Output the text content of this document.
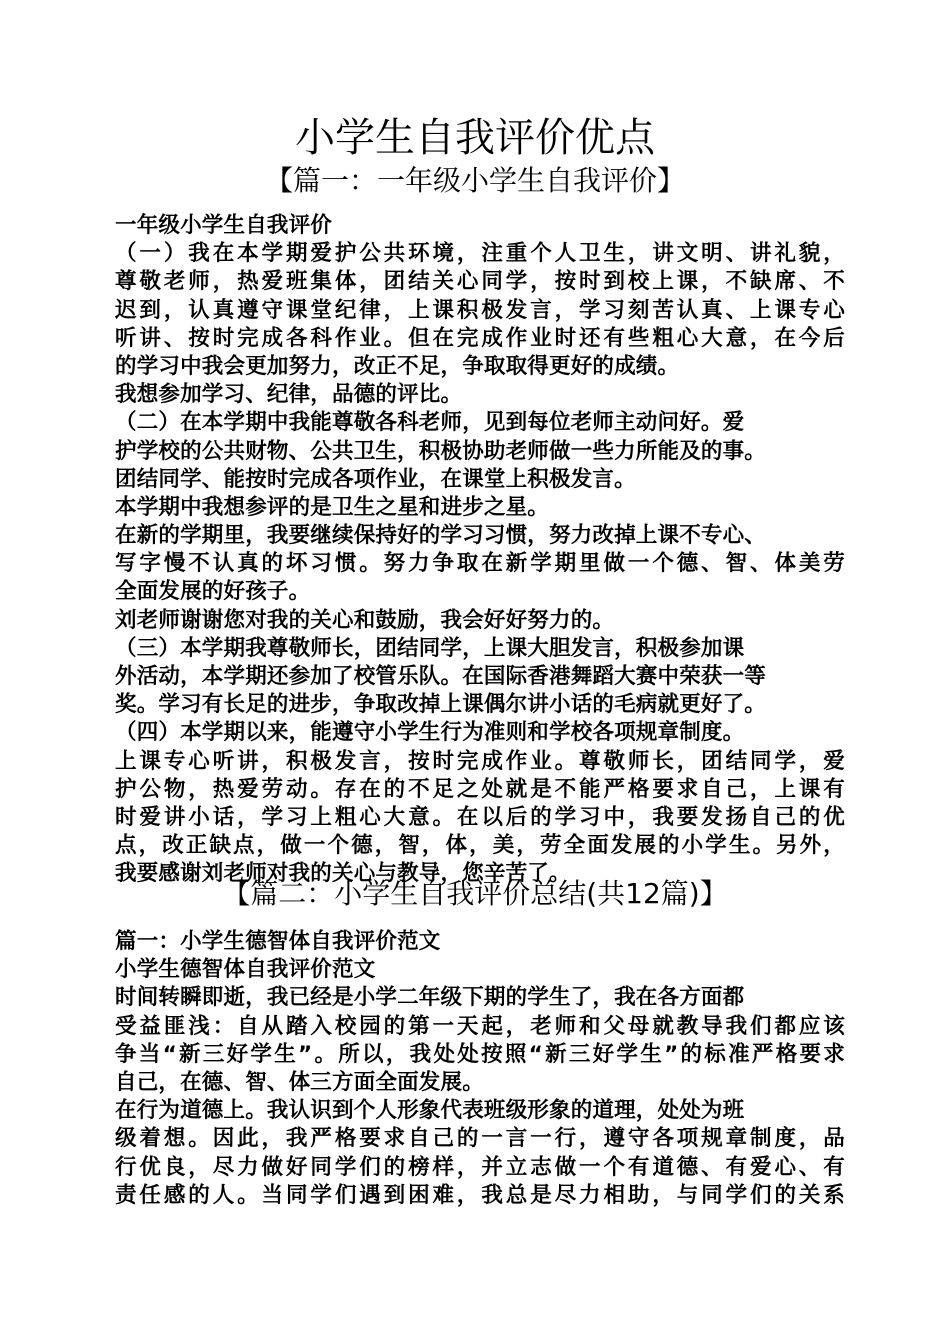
小学生自我评价优点
【篇一：一年级小学生自我评价】
一年级小学生自我评价
（一）我在本学期爱护公共环境，注重个人卫生，讲文明、讲礼貌，
尊敬老师，热爱班集体，团结关心同学，按时到校上课，不缺席、不
迟到，认真遵守课堂纪律，上课积极发言，学习刻苦认真、上课专心
听讲、按时完成各科作业。但在完成作业时还有些粗心大意，在今后
的学习中我会更加努力，改正不足，争取取得更好的成绩。
我想参加学习、纪律，品德的评比。
（二）在本学期中我能尊敬各科老师，见到每位老师主动问好。爱
护学校的公共财物、公共卫生，积极协助老师做一些力所能及的事。
团结同学、能按时完成各项作业，在课堂上积极发言。
本学期中我想参评的是卫生之星和进步之星。
在新的学期里，我要继续保持好的学习习惯，努力改掉上课不专心、
写字慢不认真的坏习惯。努力争取在新学期里做一个德、智、体美劳
全面发展的好孩子。
刘老师谢谢您对我的关心和鼓励，我会好好努力的。
（三）本学期我尊敬师长，团结同学，上课大胆发言，积极参加课
外活动，本学期还参加了校管乐队。在国际香港舞蹈大赛中荣获一等
奖。学习有长足的进步，争取改掉上课偶尔讲小话的毛病就更好了。
（四）本学期以来，能遵守小学生行为准则和学校各项规章制度。
上课专心听讲，积极发言，按时完成作业。尊敬师长，团结同学，爱
护公物，热爱劳动。存在的不足之处就是不能严格要求自己，上课有
时爱讲小话，学习上粗心大意。在以后的学习中，我要发扬自己的优
点，改正缺点，做一个德，智，体，美，劳全面发展的小学生。另外，
我要感谢刘老师对我的关心与教导，您辛苦了。
【篇二：小学生自我评价总结(共12篇)】
篇一：小学生德智体自我评价范文
小学生德智体自我评价范文
时间转瞬即逝，我已经是小学二年级下期的学生了，我在各方面都
受益匪浅：自从踏入校园的第一天起，老师和父母就教导我们都应该
争当“新三好学生”。所以，我处处按照“新三好学生”的标准严格要求
自己，在德、智、体三方面全面发展。
在行为道德上。我认识到个人形象代表班级形象的道理，处处为班
级着想。因此，我严格要求自己的一言一行，遵守各项规章制度，品
行优良，尽力做好同学们的榜样，并立志做一个有道德、有爱心、有
责任感的人。当同学们遇到困难，我总是尽力相助，与同学们的关系
